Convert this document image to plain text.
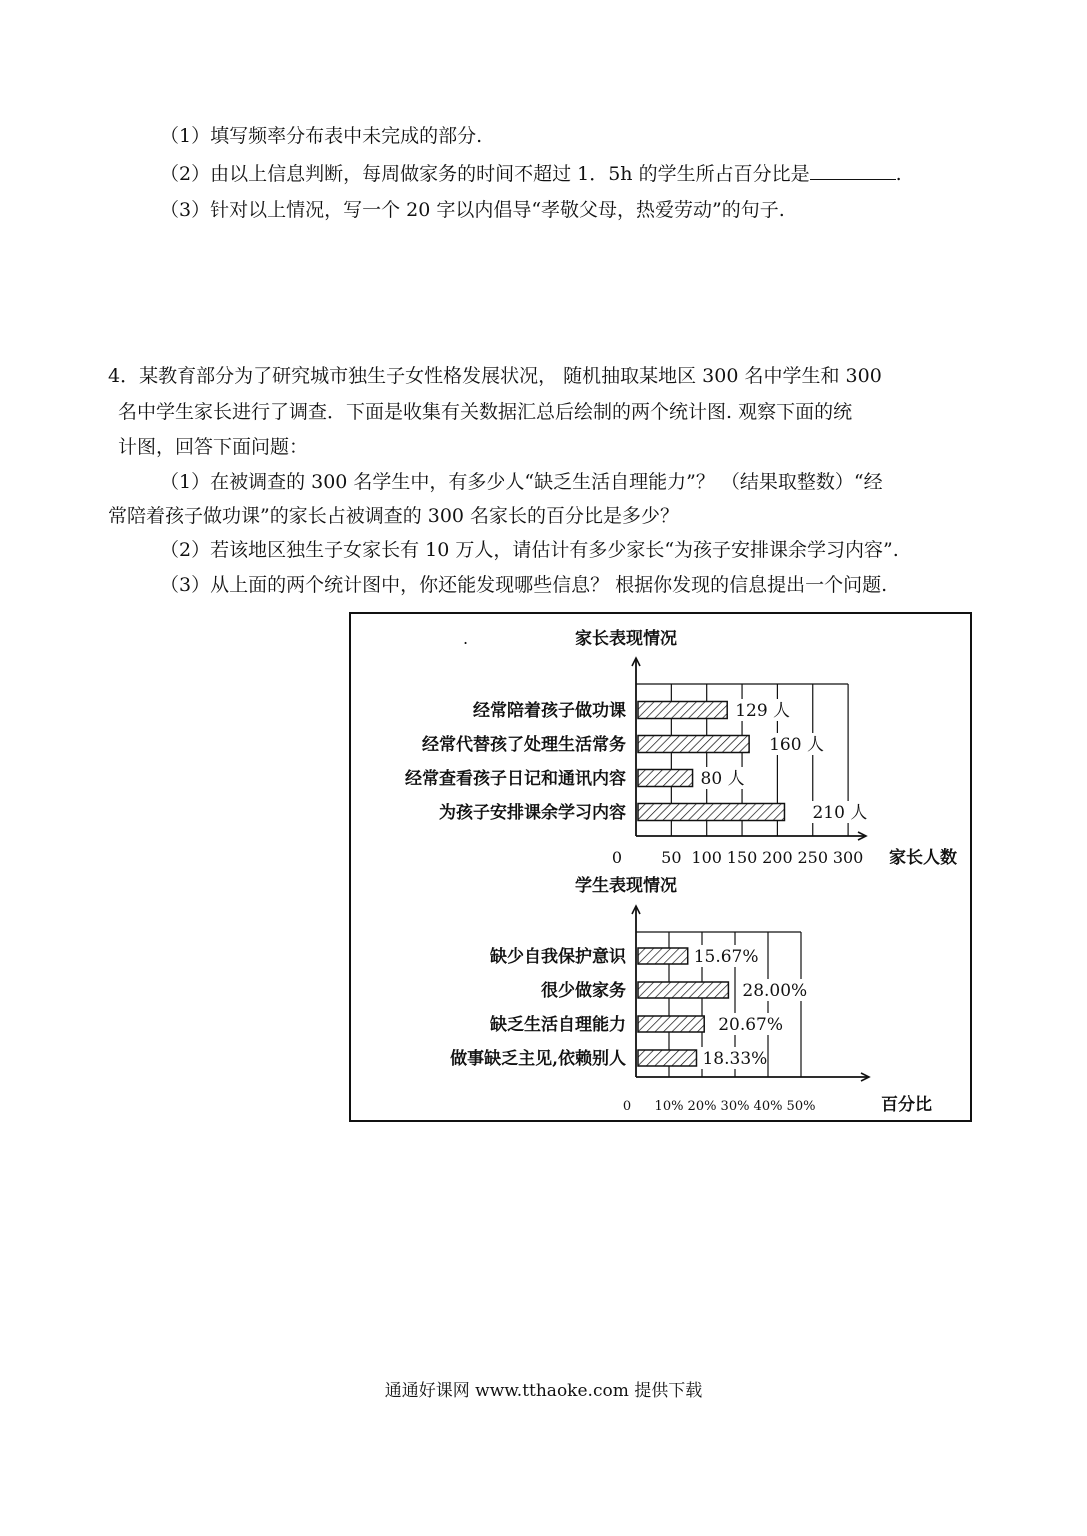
（1）填写频率分布表中未完成的部分.
（2）由以上信息判断，每周做家务的时间不超过 1．5h 的学生所占百分比是	.
（3）针对以上情况，写一个 20 字以内倡导“孝敬父母，热爱劳动”的句子.
4．某教育部分为了研究城市独生子女性格发展状况， 随机抽取某地区 300 名中学生和 300
名中学生家长进行了调查．下面是收集有关数据汇总后绘制的两个统计图. 观察下面的统
计图，回答下面问题：
（1）在被调查的 300 名学生中，有多少人“缺乏生活自理能力”？ （结果取整数）“经
常陪着孩子做功课”的家长占被调查的 300 名家长的百分比是多少？
（2）若该地区独生子女家长有 10 万人，请估计有多少家长“为孩子安排课余学习内容”.
（3）从上面的两个统计图中，你还能发现哪些信息？ 根据你发现的信息提出一个问题.
.	家长表现情况
0 50 100 150 200 250 300 家长人数
经常陪着孩子做功课	129 人
经常代替孩了处理生活常务	160 人
经常查看孩子日记和通讯内容	80 人
为孩子安排课余学习内容	210 人
学生表现情况
0 10% 20% 30% 40% 50%	百分比
缺少自我保护意识	15.67%
很少做家务	28.00%
缺乏生活自理能力	20.67%
做事缺乏主见,依赖别人	18.33%
通通好课网 www.tthaoke.com 提供下载
